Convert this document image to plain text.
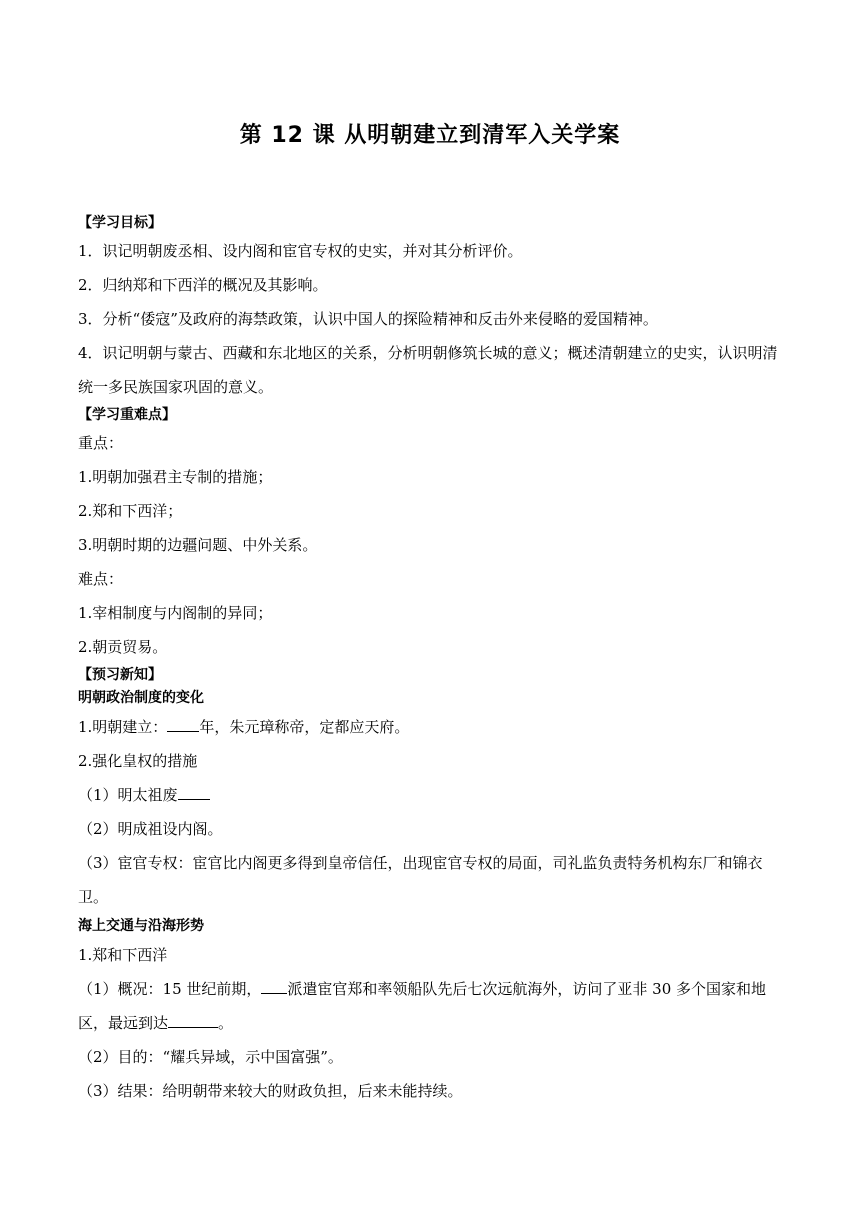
第 12 课 从明朝建立到清军入关学案
【学习目标】

1．识记明朝废丞相、设内阁和宦官专权的史实，并对其分析评价。

2．归纳郑和下西洋的概况及其影响。

3．分析“倭寇”及政府的海禁政策，认识中国人的探险精神和反击外来侵略的爱国精神。

4．识记明朝与蒙古、西藏和东北地区的关系，分析明朝修筑长城的意义；概述清朝建立的史实，认识明清统一多民族国家巩固的意义。

【学习重难点】

重点：

1.明朝加强君主专制的措施；

2.郑和下西洋；

3.明朝时期的边疆问题、中外关系。

难点：

1.宰相制度与内阁制的异同；

2.朝贡贸易。

【预习新知】
明朝政治制度的变化

1.明朝建立： 年，朱元璋称帝，定都应天府。

2.强化皇权的措施

（1）明太祖废

（2）明成祖设内阁。

（3）宦官专权：宦官比内阁更多得到皇帝信任，出现宦官专权的局面，司礼监负责特务机构东厂和锦衣卫。

海上交通与沿海形势

1.郑和下西洋

（1）概况：15 世纪前期， 派遣宦官郑和率领船队先后七次远航海外，访问了亚非 30 多个国家和地区，最远到达	。

（2）目的：“耀兵异域，示中国富强”。

（3）结果：给明朝带来较大的财政负担，后来未能持续。
